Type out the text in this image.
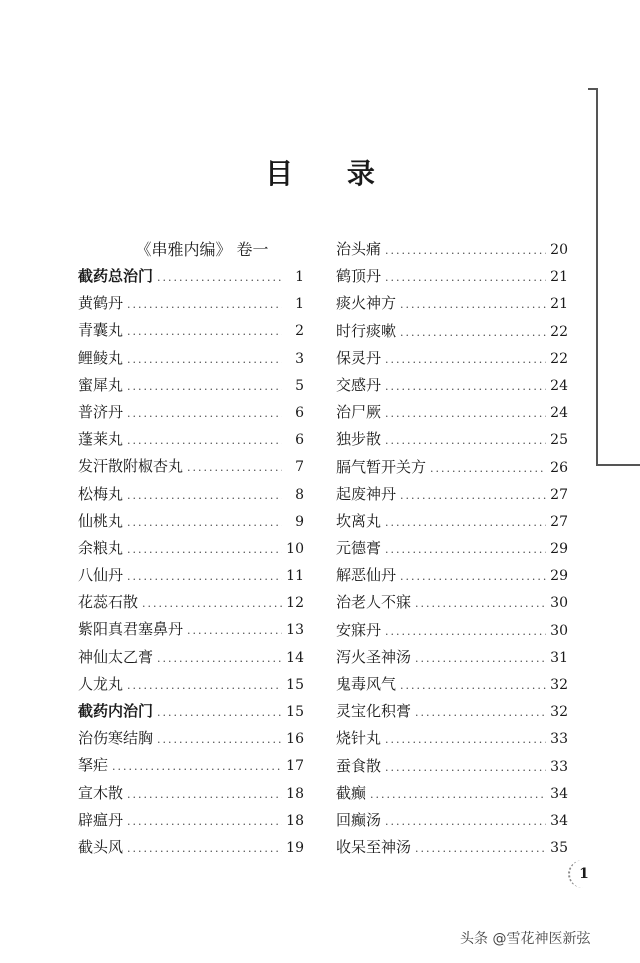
目 录
《串雅内编》 卷一
截药总治门 .....	1
黄鹤丹 .....	1
青囊丸 .....	2
鲤鲮丸 .....	3
蜜犀丸 .....	5
普济丹 .....	6
蓬莱丸 .....	6
发汗散附椒杏丸 .....	7
松梅丸 .....	8
仙桃丸 .....	9
余粮丸 .....	10
八仙丹 .....	11
花蕊石散 .....	12
紫阳真君塞鼻丹 .....	13
神仙太乙膏 .....	14
人龙丸 .....	15
截药内治门 .....	15
治伤寒结胸 .....	16
拏疟 .....	17
宣木散 .....	18
辟瘟丹 .....	18
截头风 .....	19
治头痛 .....	20
鹤顶丹 .....	21
痰火神方 .....	21
时行痰嗽 .....	22
保灵丹 .....	22
交感丹 .....	24
治尸厥 .....	24
独步散 .....	25
膈气暂开关方 .....	26
起废神丹 .....	27
坎离丸 .....	27
元德膏 .....	29
解恶仙丹 .....	29
治老人不寐 .....	30
安寐丹 .....	30
泻火圣神汤 .....	31
鬼毒风气 .....	32
灵宝化积膏 .....	32
烧针丸 .....	33
蚕食散 .....	33
截癫 .....	34
回癫汤 .....	34
收呆至神汤 .....	35
1
头条 @雪花神医新弦
